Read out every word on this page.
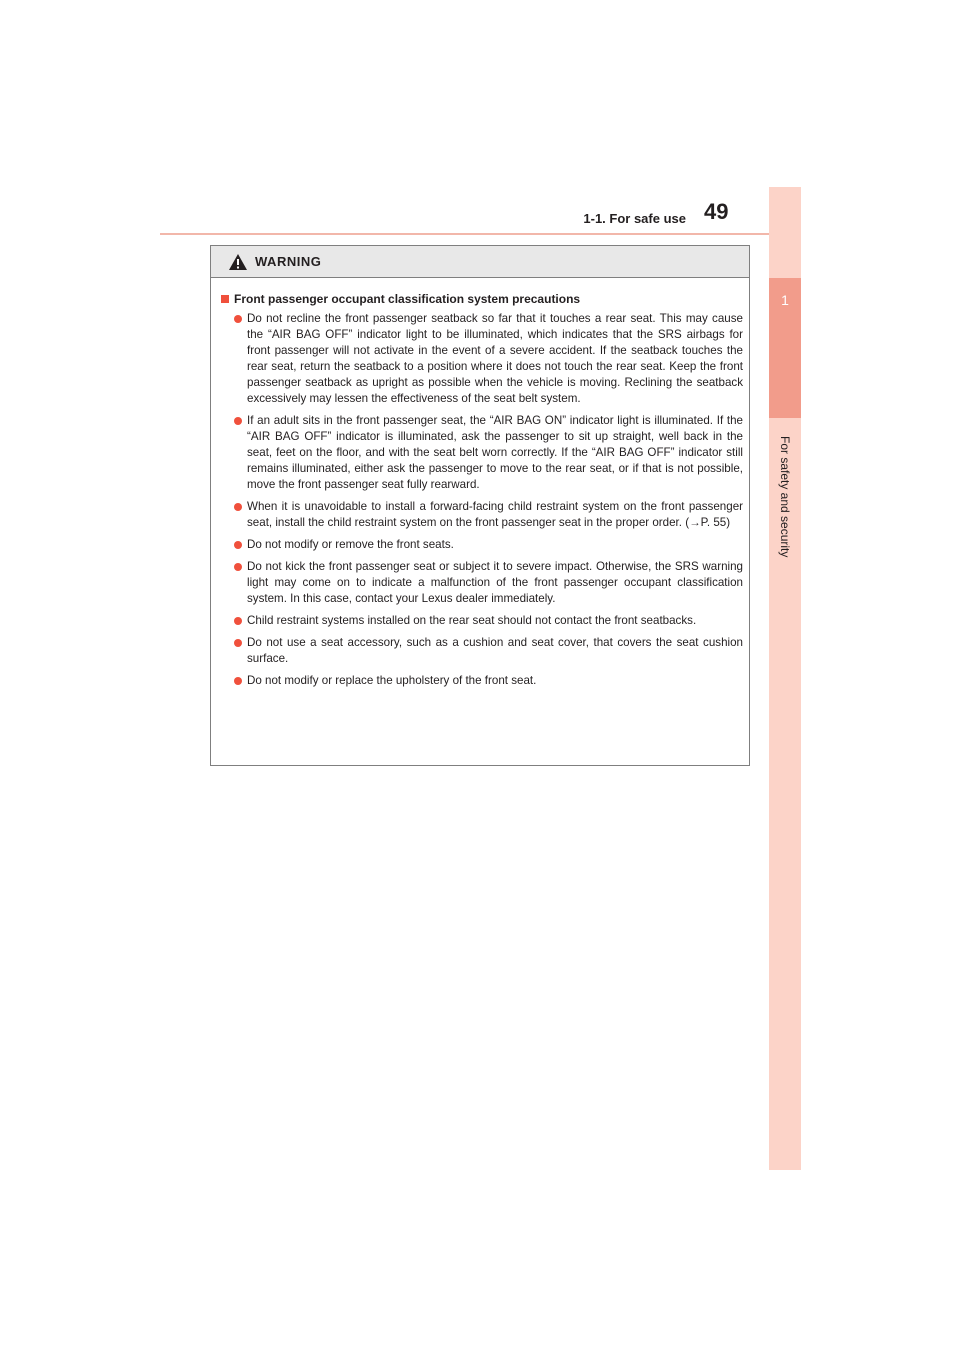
1-1. For safe use 49
1
For safety and security
WARNING
Front passenger occupant classification system precautions
Do not recline the front passenger seatback so far that it touches a rear seat. This may cause the “AIR BAG OFF” indicator light to be illuminated, which indicates that the SRS airbags for front passenger will not activate in the event of a severe accident. If the seatback touches the rear seat, return the seatback to a position where it does not touch the rear seat. Keep the front passenger seatback as upright as possible when the vehicle is moving. Reclining the seatback excessively may lessen the effectiveness of the seat belt system.
If an adult sits in the front passenger seat, the “AIR BAG ON” indicator light is illuminated. If the “AIR BAG OFF” indicator is illuminated, ask the passenger to sit up straight, well back in the seat, feet on the floor, and with the seat belt worn correctly. If the “AIR BAG OFF” indicator still remains illuminated, either ask the passenger to move to the rear seat, or if that is not possible, move the front passenger seat fully rearward.
When it is unavoidable to install a forward-facing child restraint system on the front passenger seat, install the child restraint system on the front passenger seat in the proper order. (→P. 55)
Do not modify or remove the front seats.
Do not kick the front passenger seat or subject it to severe impact. Otherwise, the SRS warning light may come on to indicate a malfunction of the front passenger occupant classification system. In this case, contact your Lexus dealer immediately.
Child restraint systems installed on the rear seat should not contact the front seatbacks.
Do not use a seat accessory, such as a cushion and seat cover, that covers the seat cushion surface.
Do not modify or replace the upholstery of the front seat.
